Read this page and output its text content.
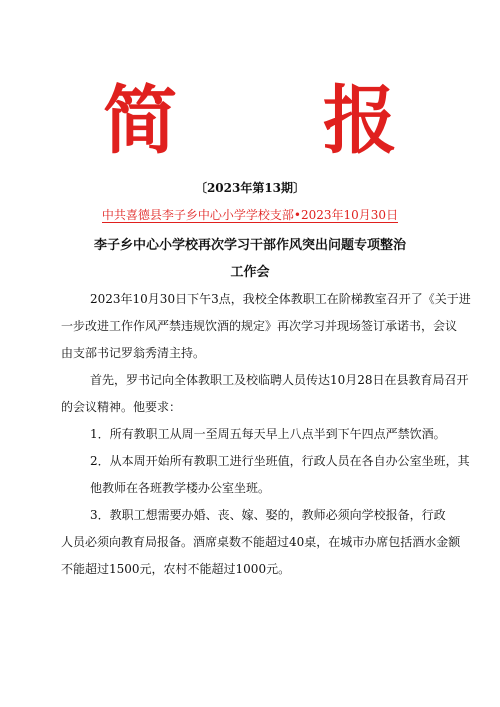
简 报
〔2023年第13期〕
中共喜德县李子乡中心小学学校支部•2023年10月30日
李子乡中心小学校再次学习干部作风突出问题专项整治
工作会
2023年10月30日下午3点，我校全体教职工在阶梯教室召开了《关于进
一步改进工作作风严禁违规饮酒的规定》再次学习并现场签订承诺书，会议
由支部书记罗翁秀清主持。
首先，罗书记向全体教职工及校临聘人员传达10月28日在县教育局召开
的会议精神。他要求：
1．所有教职工从周一至周五每天早上八点半到下午四点严禁饮酒。
2．从本周开始所有教职工进行坐班值，行政人员在各自办公室坐班，其
他教师在各班教学楼办公室坐班。
3．教职工想需要办婚、丧、嫁、娶的，教师必须向学校报备，行政
人员必须向教育局报备。酒席桌数不能超过40桌，在城市办席包括酒水金额
不能超过1500元，农村不能超过1000元。
